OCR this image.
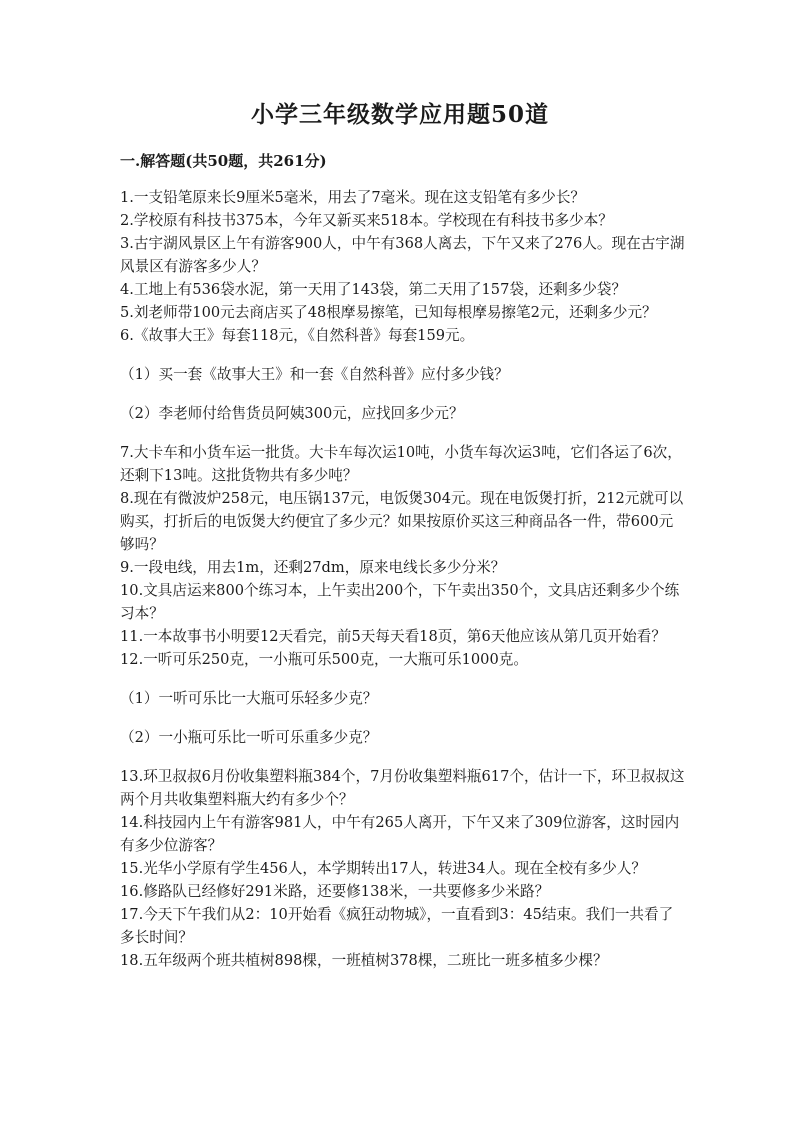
小学三年级数学应用题50道
一.解答题(共50题，共261分)

1.一支铅笔原来长9厘米5毫米，用去了7毫米。现在这支铅笔有多少长？

2.学校原有科技书375本，今年又新买来518本。学校现在有科技书多少本？

3.古宇湖风景区上午有游客900人，中午有368人离去，下午又来了276人。现在古宇湖风景区有游客多少人？

4.工地上有536袋水泥，第一天用了143袋，第二天用了157袋，还剩多少袋？

5.刘老师带100元去商店买了48根摩易擦笔，已知每根摩易擦笔2元，还剩多少元？

6.《故事大王》每套118元，《自然科普》每套159元。

（1）买一套《故事大王》和一套《自然科普》应付多少钱？

（2）李老师付给售货员阿姨300元，应找回多少元？

7.大卡车和小货车运一批货。大卡车每次运10吨，小货车每次运3吨，它们各运了6次，还剩下13吨。这批货物共有多少吨？

8.现在有微波炉258元，电压锅137元，电饭煲304元。现在电饭煲打折，212元就可以购买，打折后的电饭煲大约便宜了多少元？如果按原价买这三种商品各一件，带600元够吗？

9.一段电线，用去1m，还剩27dm，原来电线长多少分米？

10.文具店运来800个练习本，上午卖出200个，下午卖出350个，文具店还剩多少个练习本？

11.一本故事书小明要12天看完，前5天每天看18页，第6天他应该从第几页开始看？

12.一听可乐250克，一小瓶可乐500克，一大瓶可乐1000克。

（1）一听可乐比一大瓶可乐轻多少克？

（2）一小瓶可乐比一听可乐重多少克？

13.环卫叔叔6月份收集塑料瓶384个，7月份收集塑料瓶617个，估计一下，环卫叔叔这两个月共收集塑料瓶大约有多少个？

14.科技园内上午有游客981人，中午有265人离开，下午又来了309位游客，这时园内有多少位游客？

15.光华小学原有学生456人，本学期转出17人，转进34人。现在全校有多少人？

16.修路队已经修好291米路，还要修138米，一共要修多少米路？

17.今天下午我们从2：10开始看《疯狂动物城》，一直看到3：45结束。我们一共看了多长时间？

18.五年级两个班共植树898棵，一班植树378棵，二班比一班多植多少棵？
